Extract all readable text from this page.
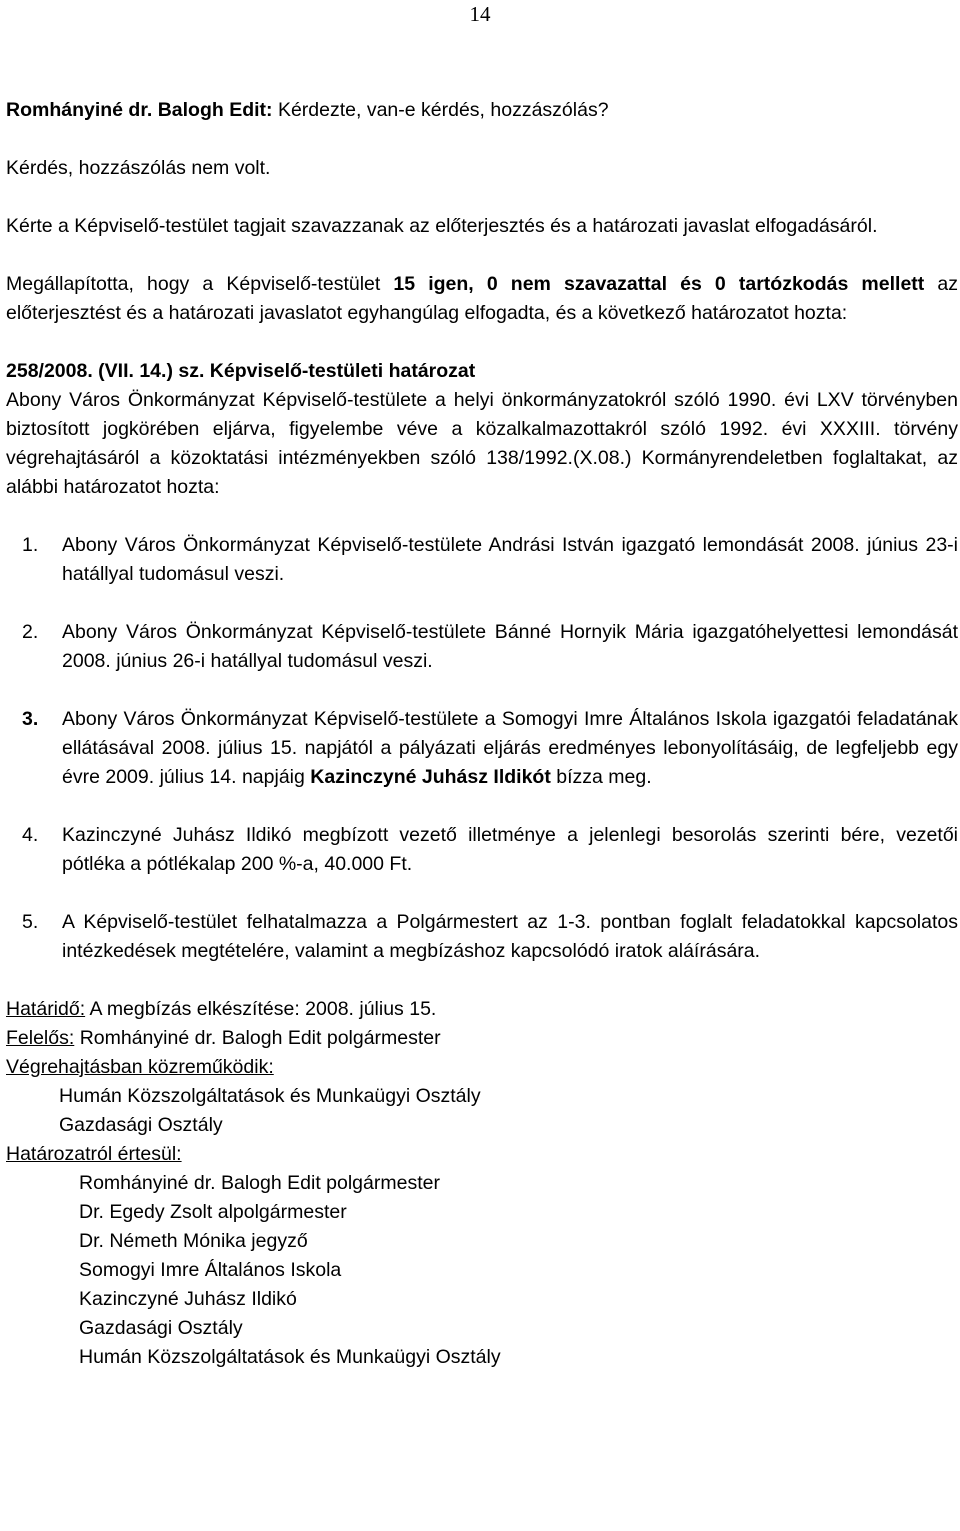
14

Romhányiné dr. Balogh Edit: Kérdezte, van-e kérdés, hozzászólás?

Kérdés, hozzászólás nem volt.

Kérte a Képviselő-testület tagjait szavazzanak az előterjesztés és a határozati javaslat elfogadásáról.

Megállapította, hogy a Képviselő-testület 15 igen, 0 nem szavazattal és 0 tartózkodás mellett az előterjesztést és a határozati javaslatot egyhangúlag elfogadta, és a következő határozatot hozta:

258/2008. (VII. 14.) sz. Képviselő-testületi határozat

Abony Város Önkormányzat Képviselő-testülete a helyi önkormányzatokról szóló 1990. évi LXV törvényben biztosított jogkörében eljárva, figyelembe véve a közalkalmazottakról szóló 1992. évi XXXIII. törvény végrehajtásáról a közoktatási intézményekben szóló 138/1992.(X.08.) Kormányrendeletben foglaltakat, az alábbi határozatot hozta:

1. Abony Város Önkormányzat Képviselő-testülete Andrási István igazgató lemondását 2008. június 23-i hatállyal tudomásul veszi.
2. Abony Város Önkormányzat Képviselő-testülete Bánné Hornyik Mária igazgatóhelyettesi lemondását 2008. június 26-i hatállyal tudomásul veszi.
3. Abony Város Önkormányzat Képviselő-testülete a Somogyi Imre Általános Iskola igazgatói feladatának ellátásával 2008. július 15. napjától a pályázati eljárás eredményes lebonyolításáig, de legfeljebb egy évre 2009. július 14. napjáig Kazinczyné Juhász Ildikót bízza meg.
4. Kazinczyné Juhász Ildikó megbízott vezető illetménye a jelenlegi besorolás szerinti bére, vezetői pótléka a pótlékalap 200 %-a, 40.000 Ft.
5. A Képviselő-testület felhatalmazza a Polgármestert az 1-3. pontban foglalt feladatokkal kapcsolatos intézkedések megtételére, valamint a megbízáshoz kapcsolódó iratok aláírására.

Határidő: A megbízás elkészítése: 2008. július 15.

Felelős: Romhányiné dr. Balogh Edit polgármester

Végrehajtásban közreműködik:

Humán Közszolgáltatások és Munkaügyi Osztály

Gazdasági Osztály

Határozatról értesül:

Romhányiné dr. Balogh Edit polgármester

Dr. Egedy Zsolt alpolgármester

Dr. Németh Mónika jegyző

Somogyi Imre Általános Iskola

Kazinczyné Juhász Ildikó

Gazdasági Osztály

Humán Közszolgáltatások és Munkaügyi Osztály
